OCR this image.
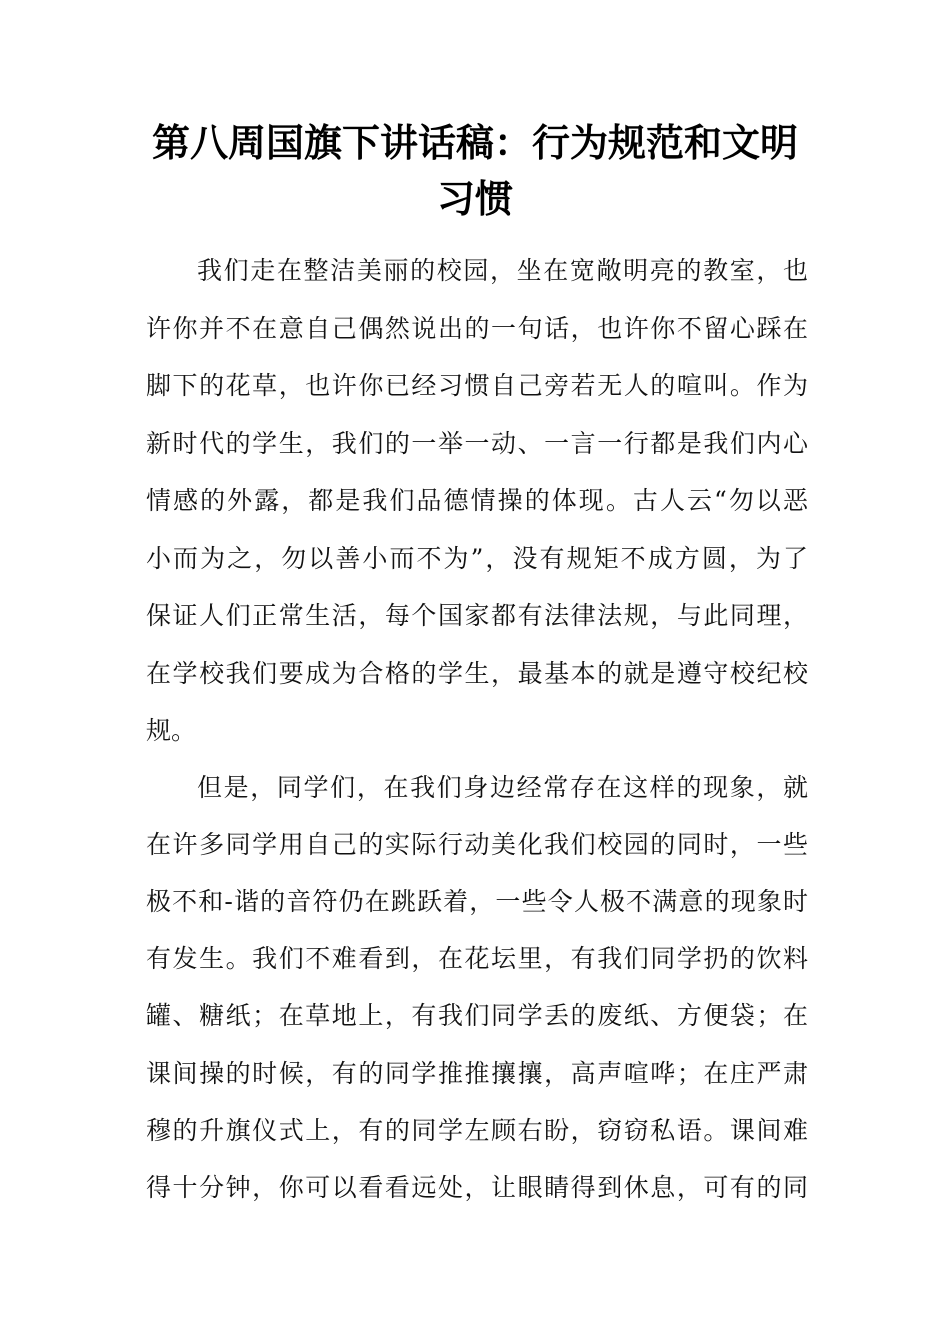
第八周国旗下讲话稿：行为规范和文明
习惯
我们走在整洁美丽的校园，坐在宽敞明亮的教室，也
许你并不在意自己偶然说出的一句话，也许你不留心踩在
脚下的花草，也许你已经习惯自己旁若无人的喧叫。作为
新时代的学生，我们的一举一动、一言一行都是我们内心
情感的外露，都是我们品德情操的体现。古人云“勿以恶
小而为之，勿以善小而不为”，没有规矩不成方圆，为了
保证人们正常生活，每个国家都有法律法规，与此同理，
在学校我们要成为合格的学生，最基本的就是遵守校纪校
规。
但是，同学们，在我们身边经常存在这样的现象，就
在许多同学用自己的实际行动美化我们校园的同时，一些
极不和-谐的音符仍在跳跃着，一些令人极不满意的现象时
有发生。我们不难看到，在花坛里，有我们同学扔的饮料
罐、糖纸；在草地上，有我们同学丢的废纸、方便袋；在
课间操的时候，有的同学推推攘攘，高声喧哗；在庄严肃
穆的升旗仪式上，有的同学左顾右盼，窃窃私语。课间难
得十分钟，你可以看看远处，让眼睛得到休息，可有的同
